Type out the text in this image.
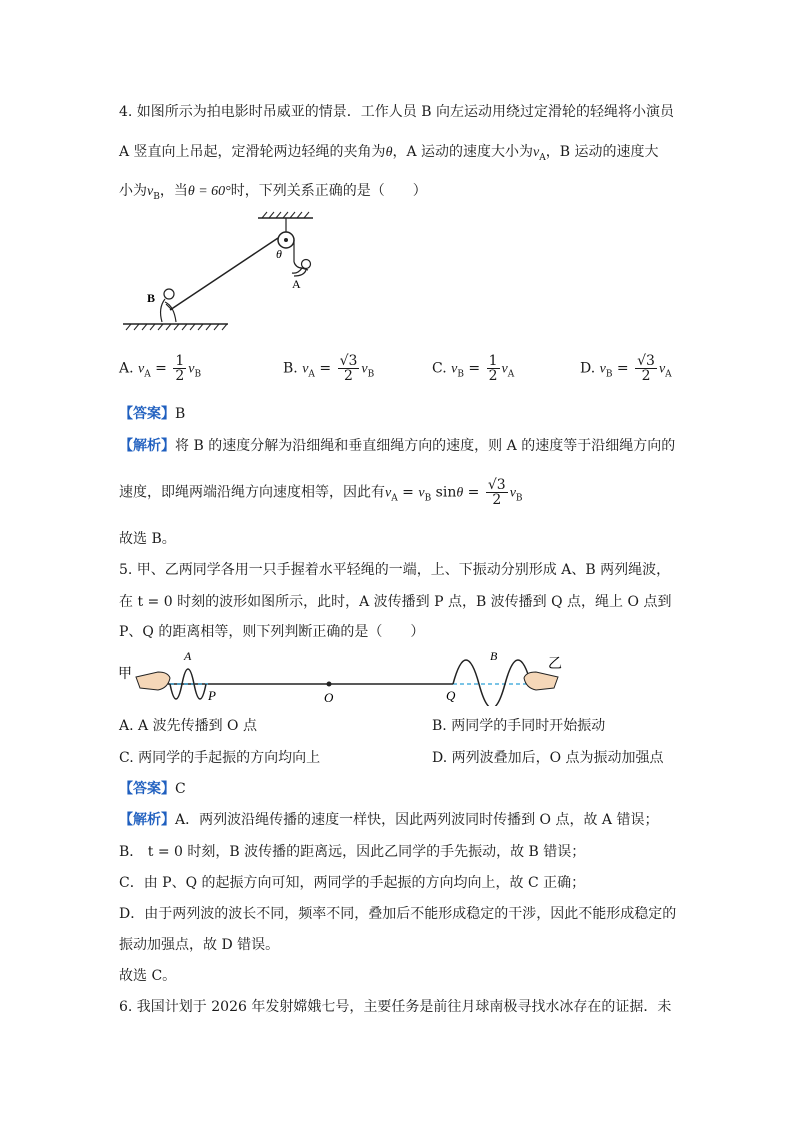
4. 如图所示为拍电影时吊威亚的情景．工作人员 B 向左运动用绕过定滑轮的轻绳将小演员
A 竖直向上吊起，定滑轮两边轻绳的夹角为θ，A 运动的速度大小为$v_A$，B 运动的速度大
小为$v_B$，当θ = 60°时，下列关系正确的是（　　）
A
θ
B
A. $v_A = \frac{1}{2} v_B$	B. $v_A = \frac{√3}{2} v_B$	C. $v_B = \frac{1}{2} v_A$	D. $v_B = \frac{√3}{2} v_A$
【答案】B
【解析】将 B 的速度分解为沿细绳和垂直细绳方向的速度，则 A 的速度等于沿细绳方向的
速度，即绳两端沿绳方向速度相等，因此有$v_A = v_B$ $\sin\theta = \frac{√3}{2} v_B$
故选 B。
5. 甲、乙两同学各用一只手握着水平轻绳的一端，上、下振动分别形成 A、B 两列绳波，
在 t = 0 时刻的波形如图所示，此时，A 波传播到 P 点，B 波传播到 Q 点，绳上 O 点到
P、Q 的距离相等，则下列判断正确的是（　　）
甲
乙
A	B
P	O	Q
A. A 波先传播到 O 点	B. 两同学的手同时开始振动
C. 两同学的手起振的方向均向上	D. 两列波叠加后，O 点为振动加强点
【答案】C
【解析】A．两列波沿绳传播的速度一样快，因此两列波同时传播到 O 点，故 A 错误；
B． t = 0 时刻，B 波传播的距离远，因此乙同学的手先振动，故 B 错误；
C．由 P、Q 的起振方向可知，两同学的手起振的方向均向上，故 C 正确；
D．由于两列波的波长不同，频率不同，叠加后不能形成稳定的干涉，因此不能形成稳定的
振动加强点，故 D 错误。
故选 C。
6. 我国计划于 2026 年发射嫦娥七号，主要任务是前往月球南极寻找水冰存在的证据．未
